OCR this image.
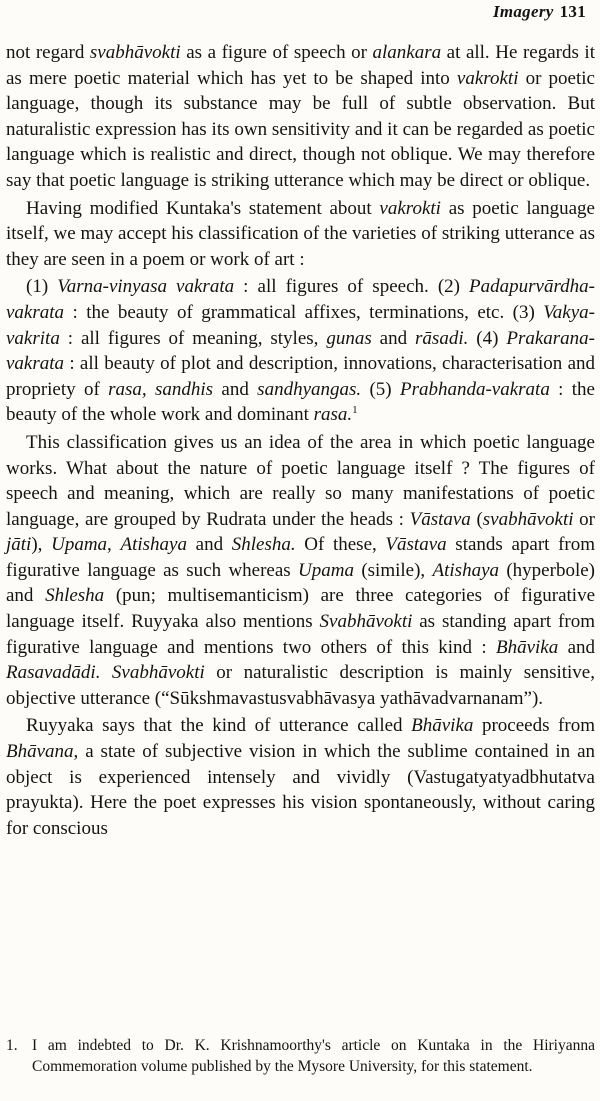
Imagery 131

not regard svabhāvokti as a figure of speech or alankara at all. He regards it as mere poetic material which has yet to be shaped into vakrokti or poetic language, though its substance may be full of subtle observation. But naturalistic expression has its own sensitivity and it can be regarded as poetic language which is realistic and direct, though not oblique. We may therefore say that poetic language is striking utterance which may be direct or oblique.

Having modified Kuntaka's statement about vakrokti as poetic language itself, we may accept his classification of the varieties of striking utterance as they are seen in a poem or work of art :

(1) Varna-vinyasa vakrata : all figures of speech. (2) Padapurvārdha-vakrata : the beauty of grammatical affixes, terminations, etc. (3) Vakya-vakrita : all figures of meaning, styles, gunas and rāsadi. (4) Prakarana-vakrata : all beauty of plot and description, innovations, characterisation and propriety of rasa, sandhis and sandhyangas. (5) Prabhanda-vakrata : the beauty of the whole work and dominant rasa.$^1$

This classification gives us an idea of the area in which poetic language works. What about the nature of poetic language itself ? The figures of speech and meaning, which are really so many manifestations of poetic language, are grouped by Rudrata under the heads : Vāstava (svabhāvokti or jāti), Upama, Atishaya and Shlesha. Of these, Vāstava stands apart from figurative language as such whereas Upama (simile), Atishaya (hyperbole) and Shlesha (pun; multisemanticism) are three categories of figurative language itself. Ruyyaka also mentions Svabhāvokti as standing apart from figurative language and mentions two others of this kind : Bhāvika and Rasavadādi. Svabhāvokti or naturalistic description is mainly sensitive, objective utterance (“Sūkshmavastusvabhāvasya yathāvadvarnanam”).

Ruyyaka says that the kind of utterance called Bhāvika proceeds from Bhāvana, a state of subjective vision in which the sublime contained in an object is experienced intensely and vividly (Vastugatyatyadbhutatva prayukta). Here the poet expresses his vision spontaneously, without caring for conscious

1. I am indebted to Dr. K. Krishnamoorthy's article on Kuntaka in the Hiriyanna Commemoration volume published by the Mysore University, for this statement.
